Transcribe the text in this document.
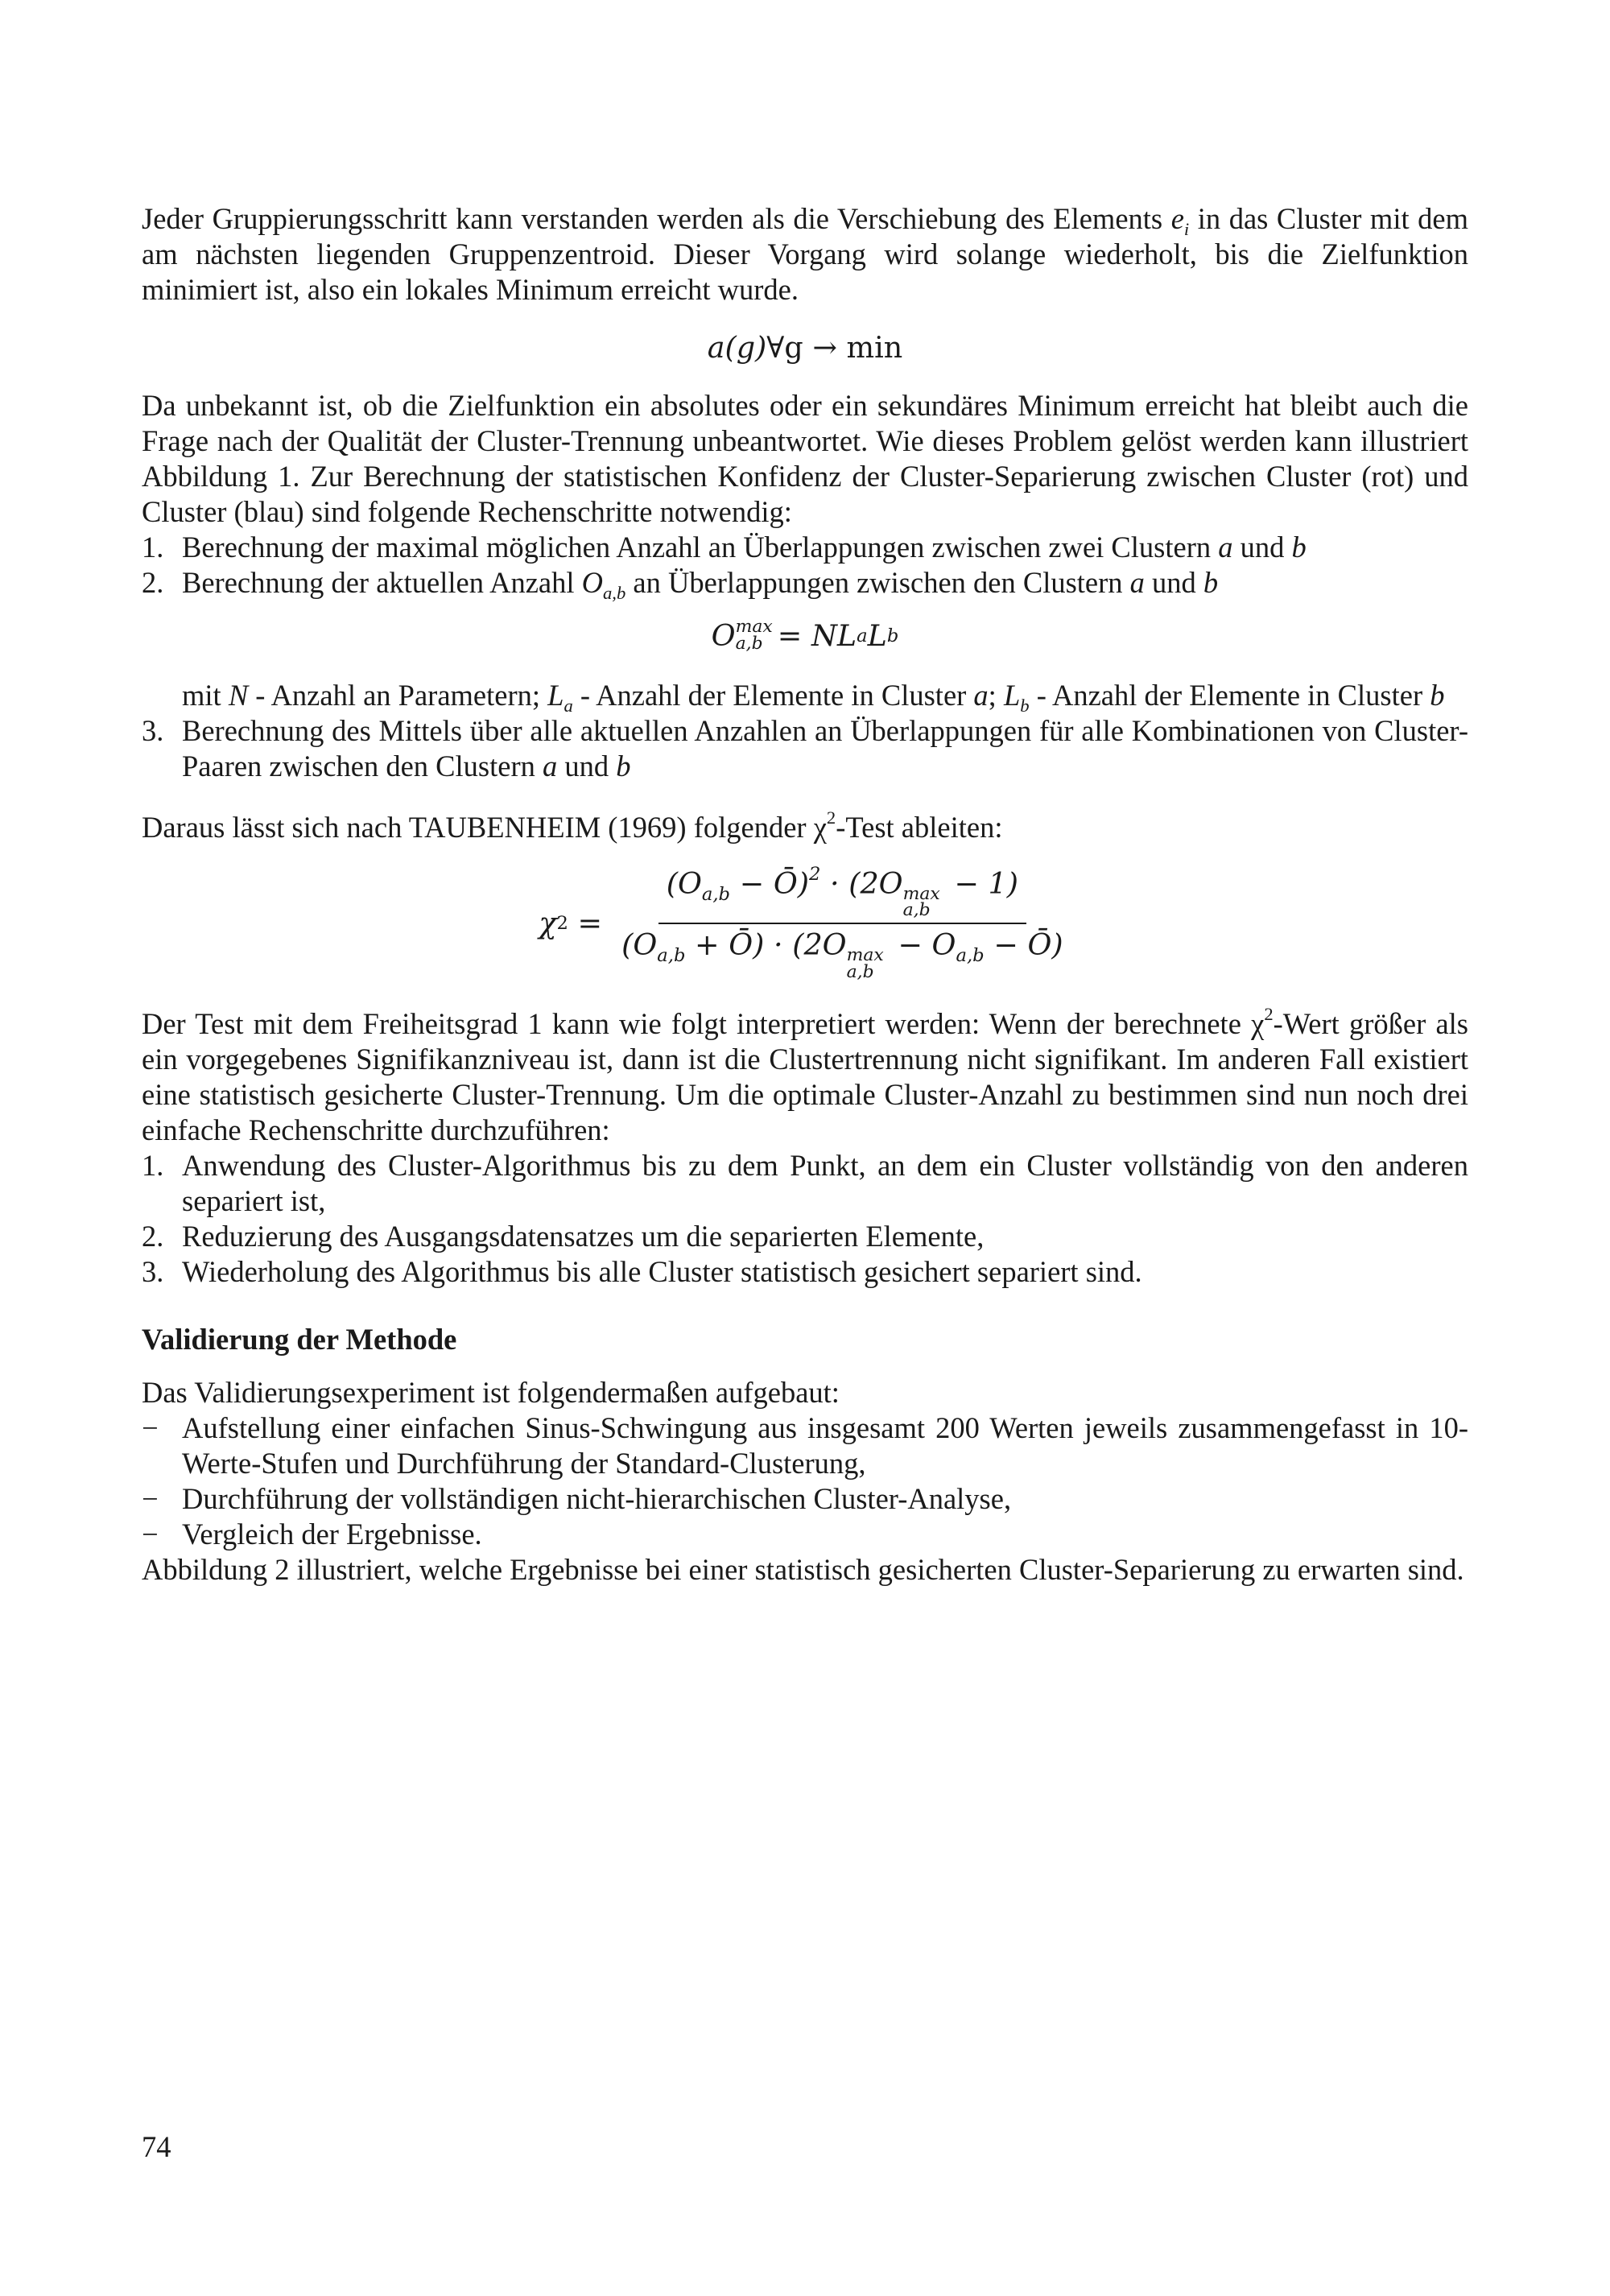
Jeder Gruppierungsschritt kann verstanden werden als die Verschiebung des Elements $e_i$ in das Cluster mit dem am nächsten liegenden Gruppenzentroid. Dieser Vorgang wird solange wiederholt, bis die Zielfunktion minimiert ist, also ein lokales Minimum erreicht wurde.

a(g) ∀g
→
min

Da unbekannt ist, ob die Zielfunktion ein absolutes oder ein sekundäres Minimum erreicht hat bleibt auch die Frage nach der Qualität der Cluster-Trennung unbeantwortet. Wie dieses Problem gelöst werden kann illustriert Abbildung 1. Zur Berechnung der statistischen Konfidenz der Cluster-Separierung zwischen Cluster (rot) und Cluster (blau) sind folgende Rechenschritte notwendig:

1. Berechnung der maximal möglichen Anzahl an Überlappungen zwischen zwei Clustern a und b
2. Berechnung der aktuellen Anzahl $O_{a,b}$ an Überlappungen zwischen den Clustern a und b
O max
a,b =
N L a L b

mit N - Anzahl an Parametern; $L_a$ - Anzahl der Elemente in Cluster a; $L_b$ - Anzahl der Elemente in Cluster b

3. Berechnung des Mittels über alle aktuellen Anzahlen an Überlappungen für alle Kombinationen von Cluster-Paaren zwischen den Clustern a und b

Daraus lässt sich nach TAUBENHEIM (1969) folgender $\chi^2$-Test ableiten:

χ 2
= ($O_{a,b}$ − Ō)$^2$ · (2O max
a,b
− 1)
($O_{a,b}$ + Ō) · (2O max
a,b
− $O_{a,b}$ − Ō)

Der Test mit dem Freiheitsgrad 1 kann wie folgt interpretiert werden: Wenn der berechnete $\chi^2$-Wert größer als ein vorgegebenes Signifikanzniveau ist, dann ist die Clustertrennung nicht signifikant. Im anderen Fall existiert eine statistisch gesicherte Cluster-Trennung. Um die optimale Cluster-Anzahl zu bestimmen sind nun noch drei einfache Rechenschritte durchzuführen:

1. Anwendung des Cluster-Algorithmus bis zu dem Punkt, an dem ein Cluster vollständig von den anderen separiert ist,
2. Reduzierung des Ausgangsdatensatzes um die separierten Elemente,
3. Wiederholung des Algorithmus bis alle Cluster statistisch gesichert separiert sind.

Validierung der Methode

Das Validierungsexperiment ist folgendermaßen aufgebaut:

− Aufstellung einer einfachen Sinus-Schwingung aus insgesamt 200 Werten jeweils zusammengefasst in 10-Werte-Stufen und Durchführung der Standard-Clusterung,
− Durchführung der vollständigen nicht-hierarchischen Cluster-Analyse,
− Vergleich der Ergebnisse.

Abbildung 2 illustriert, welche Ergebnisse bei einer statistisch gesicherten Cluster-Separierung zu erwarten sind.

74
